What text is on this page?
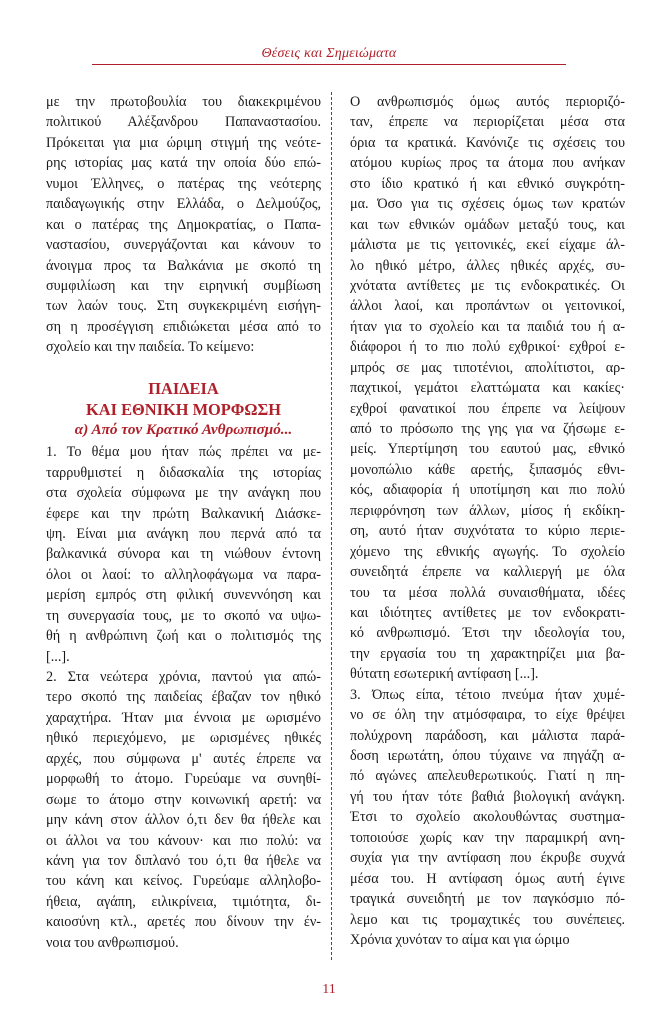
Θέσεις και Σημειώματα
με την πρωτοβουλία του διακεκριμένου
πολιτικού Αλέξανδρου Παπαναστασίου.
Πρόκειται για μια ώριμη στιγμή της νεότε-
ρης ιστορίας μας κατά την οποία δύο επώ-
νυμοι Έλληνες, ο πατέρας της νεότερης
παιδαγωγικής στην Ελλάδα, ο Δελμούζος,
και ο πατέρας της Δημοκρατίας, ο Παπα-
ναστασίου, συνεργάζονται και κάνουν το
άνοιγμα προς τα Βαλκάνια με σκοπό τη
συμφιλίωση και την ειρηνική συμβίωση
των λαών τους. Στη συγκεκριμένη εισήγη-
ση η προσέγγιση επιδιώκεται μέσα από το
σχολείο και την παιδεία. Το κείμενο:
ΠΑΙΔΕΙΑ
ΚΑΙ ΕΘΝΙΚΗ ΜΟΡΦΩΣΗ
α) Από τον Κρατικό Ανθρωπισμό...
1. Το θέμα μου ήταν πώς πρέπει να με-
ταρρυθμιστεί η διδασκαλία της ιστορίας
στα σχολεία σύμφωνα με την ανάγκη που
έφερε και την πρώτη Βαλκανική Διάσκε-
ψη. Είναι μια ανάγκη που περνά από τα
βαλκανικά σύνορα και τη νιώθουν έντονη
όλοι οι λαοί: το αλληλοφάγωμα να παρα-
μερίση εμπρός στη φιλική συνεννόηση και
τη συνεργασία τους, με το σκοπό να υψω-
θή η ανθρώπινη ζωή και ο πολιτισμός της
[...].
2. Στα νεώτερα χρόνια, παντού για απώ-
τερο σκοπό της παιδείας έβαζαν τον ηθικό
χαραχτήρα. Ήταν μια έννοια με ωρισμένο
ηθικό περιεχόμενο, με ωρισμένες ηθικές
αρχές, που σύμφωνα μ' αυτές έπρεπε να
μορφωθή το άτομο. Γυρεύαμε να συνηθί-
σωμε το άτομο στην κοινωνική αρετή: να
μην κάνη στον άλλον ό,τι δεν θα ήθελε και
οι άλλοι να του κάνουν· και πιο πολύ: να
κάνη για τον διπλανό του ό,τι θα ήθελε να
του κάνη και κείνος. Γυρεύαμε αλληλοβο-
ήθεια, αγάπη, ειλικρίνεια, τιμιότητα, δι-
καιοσύνη κτλ., αρετές που δίνουν την έν-
νοια του ανθρωπισμού.
Ο ανθρωπισμός όμως αυτός περιοριζό-
ταν, έπρεπε να περιορίζεται μέσα στα
όρια τα κρατικά. Κανόνιζε τις σχέσεις του
ατόμου κυρίως προς τα άτομα που ανήκαν
στο ίδιο κρατικό ή και εθνικό συγκρότη-
μα. Όσο για τις σχέσεις όμως των κρατών
και των εθνικών ομάδων μεταξύ τους, και
μάλιστα με τις γειτονικές, εκεί είχαμε άλ-
λο ηθικό μέτρο, άλλες ηθικές αρχές, συ-
χνότατα αντίθετες με τις ενδοκρατικές. Οι
άλλοι λαοί, και προπάντων οι γειτονικοί,
ήταν για το σχολείο και τα παιδιά του ή α-
διάφοροι ή το πιο πολύ εχθρικοί· εχθροί ε-
μπρός σε μας τιποτένιοι, απολίτιστοι, αρ-
παχτικοί, γεμάτοι ελαττώματα και κακίες·
εχθροί φανατικοί που έπρεπε να λείψουν
από το πρόσωπο της γης για να ζήσωμε ε-
μείς. Υπερτίμηση του εαυτού μας, εθνικό
μονοπώλιο κάθε αρετής, ξιπασμός εθνι-
κός, αδιαφορία ή υποτίμηση και πιο πολύ
περιφρόνηση των άλλων, μίσος ή εκδίκη-
ση, αυτό ήταν συχνότατα το κύριο περιε-
χόμενο της εθνικής αγωγής. Το σχολείο
συνειδητά έπρεπε να καλλιεργή με όλα
του τα μέσα πολλά συναισθήματα, ιδέες
και ιδιότητες αντίθετες με τον ενδοκρατι-
κό ανθρωπισμό. Έτσι την ιδεολογία του,
την εργασία του τη χαρακτηρίζει μια βα-
θύτατη εσωτερική αντίφαση [...].
3. Όπως είπα, τέτοιο πνεύμα ήταν χυμέ-
νο σε όλη την ατμόσφαιρα, το είχε θρέψει
πολύχρονη παράδοση, και μάλιστα παρά-
δοση ιερωτάτη, όπου τύχαινε να πηγάζη α-
πό αγώνες απελευθερωτικούς. Γιατί η πη-
γή του ήταν τότε βαθιά βιολογική ανάγκη.
Έτσι το σχολείο ακολουθώντας συστημα-
τοποιούσε χωρίς καν την παραμικρή ανη-
συχία για την αντίφαση που έκρυβε συχνά
μέσα του. Η αντίφαση όμως αυτή έγινε
τραγικά συνειδητή με τον παγκόσμιο πό-
λεμο και τις τρομαχτικές του συνέπειες.
Χρόνια χυνόταν το αίμα και για ώριμο
11
